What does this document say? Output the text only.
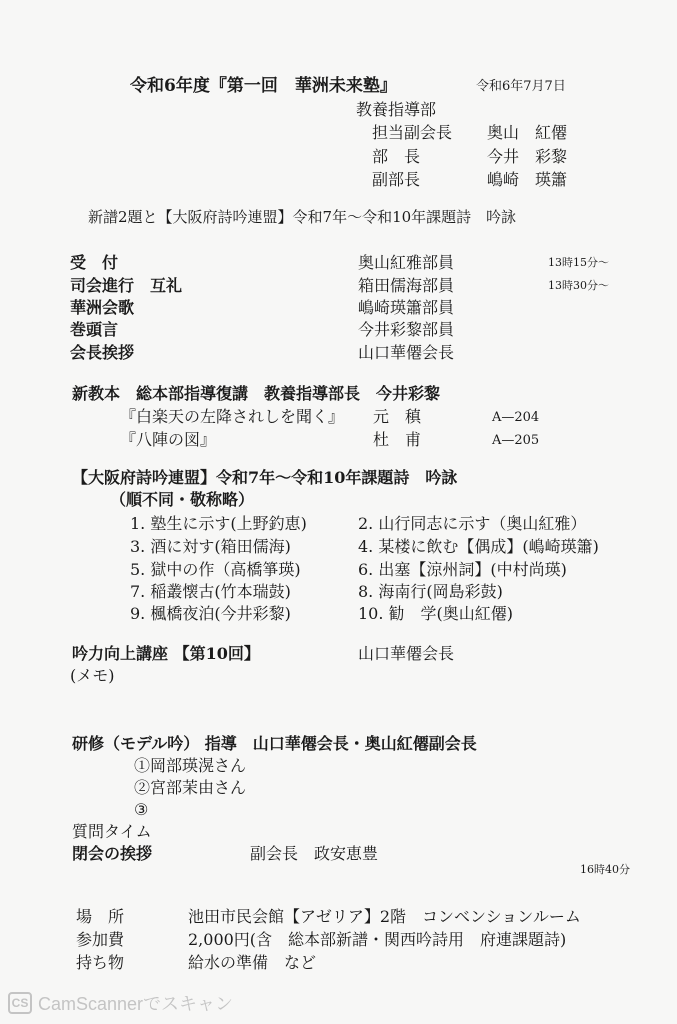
令和6年度『第一回　華洲未来塾』	令和6年7月7日
教養指導部
担当副会長 奥山　紅僊
部　長	今井　彩黎
副部長	嶋崎　瑛簫
新譜2題と【大阪府詩吟連盟】令和7年～令和10年課題詩　吟詠
受　付	奥山紅雅部員	13時15分～
司会進行　互礼	箱田儒海部員	13時30分～
華洲会歌	嶋崎瑛簫部員
巻頭言	今井彩黎部員
会長挨拶	山口華僊会長
新教本　総本部指導復講　教養指導部長　今井彩黎
『白楽天の左降されしを聞く』 元　稹	A—204
『八陣の図』	杜　甫	A—205
【大阪府詩吟連盟】令和7年～令和10年課題詩　吟詠
（順不同・敬称略）
1. 塾生に示す(上野釣恵)	2. 山行同志に示す（奥山紅雅）
3. 酒に対す(箱田儒海)	4. 某楼に飲む【偶成】(嶋崎瑛簫)
5. 獄中の作（高橋箏瑛)	6. 出塞【涼州詞】(中村尚瑛)
7. 稲叢懐古(竹本瑞鼓)	8. 海南行(岡島彩鼓)
9. 楓橋夜泊(今井彩黎)	10. 勧　学(奥山紅僊)
吟力向上講座 【第10回】	山口華僊会長
(メモ)
研修（モデル吟） 指導　山口華僊会長・奥山紅僊副会長
①岡部瑛滉さん
②宮部茉由さん
③
質問タイム
閉会の挨拶	副会長　政安恵豊
16時40分
場　所	池田市民会館【アゼリア】2階　コンベンションルーム
参加費	2,000円(含　総本部新譜・関西吟詩用　府連課題詩)
持ち物	給水の準備　など
CS CamScannerでスキャン
